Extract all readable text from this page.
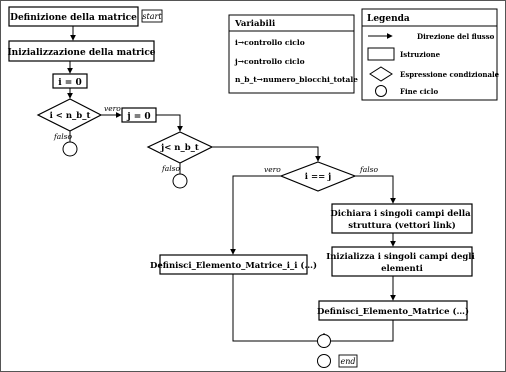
Definizione della matrice start
Inizializzazione della matrice
i = 0
i < n_b_t
vero
falso
j = 0
j< n_b_t
falso
i == j
vero	falso
Dichiara i singoli campi della struttura (vettori link)
Inizializza i singoli campi degli elementi
Definisci_Elemento_Matrice (…)
Definisci_Elemento_Matrice_i_i (…)
end
Variabili
i→controllo ciclo
j→controllo ciclo
n_b_t→numero_blocchi_totale
Legenda
Direzione del flusso
Istruzione
Espressione condizionale
Fine ciclo
